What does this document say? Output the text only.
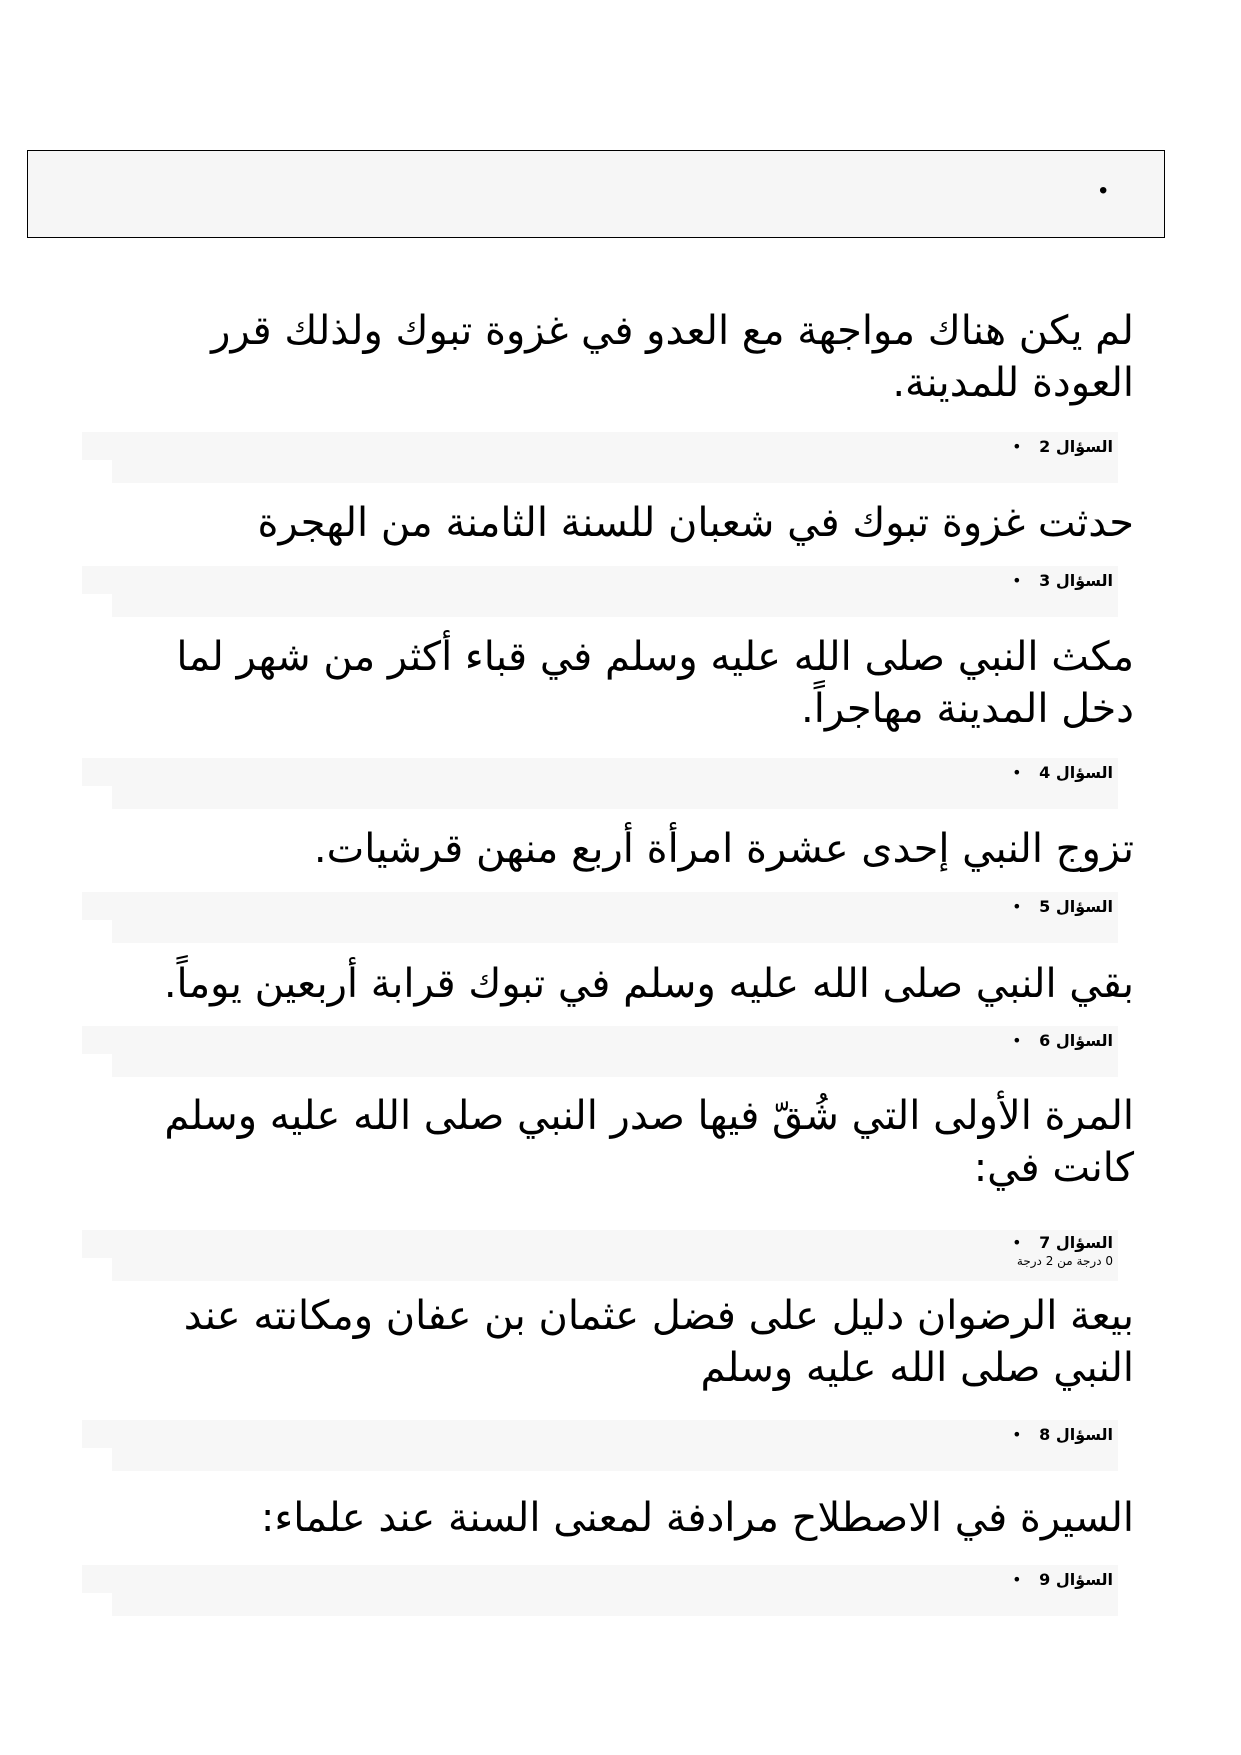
•
لم يكن هناك مواجهة مع العدو في غزوة تبوك ولذلك قرر العودة للمدينة.
السؤال 2 •
حدثت غزوة تبوك في شعبان للسنة الثامنة من الهجرة
السؤال 3 •
مكث النبي صلى الله عليه وسلم في قباء أكثر من شهر لما دخل المدينة مهاجراً.
السؤال 4 •
تزوج النبي إحدى عشرة امرأة أربع منهن قرشيات.
السؤال 5 •
بقي النبي صلى الله عليه وسلم في تبوك قرابة أربعين يوماً.
السؤال 6 •
المرة الأولى التي شُقّ فيها صدر النبي صلى الله عليه وسلم كانت في:
السؤال 7 •
0 درجة من 2 درجة
بيعة الرضوان دليل على فضل عثمان بن عفان ومكانته عند النبي صلى الله عليه وسلم
السؤال 8 •
السيرة في الاصطلاح مرادفة لمعنى السنة عند علماء:
السؤال 9 •
